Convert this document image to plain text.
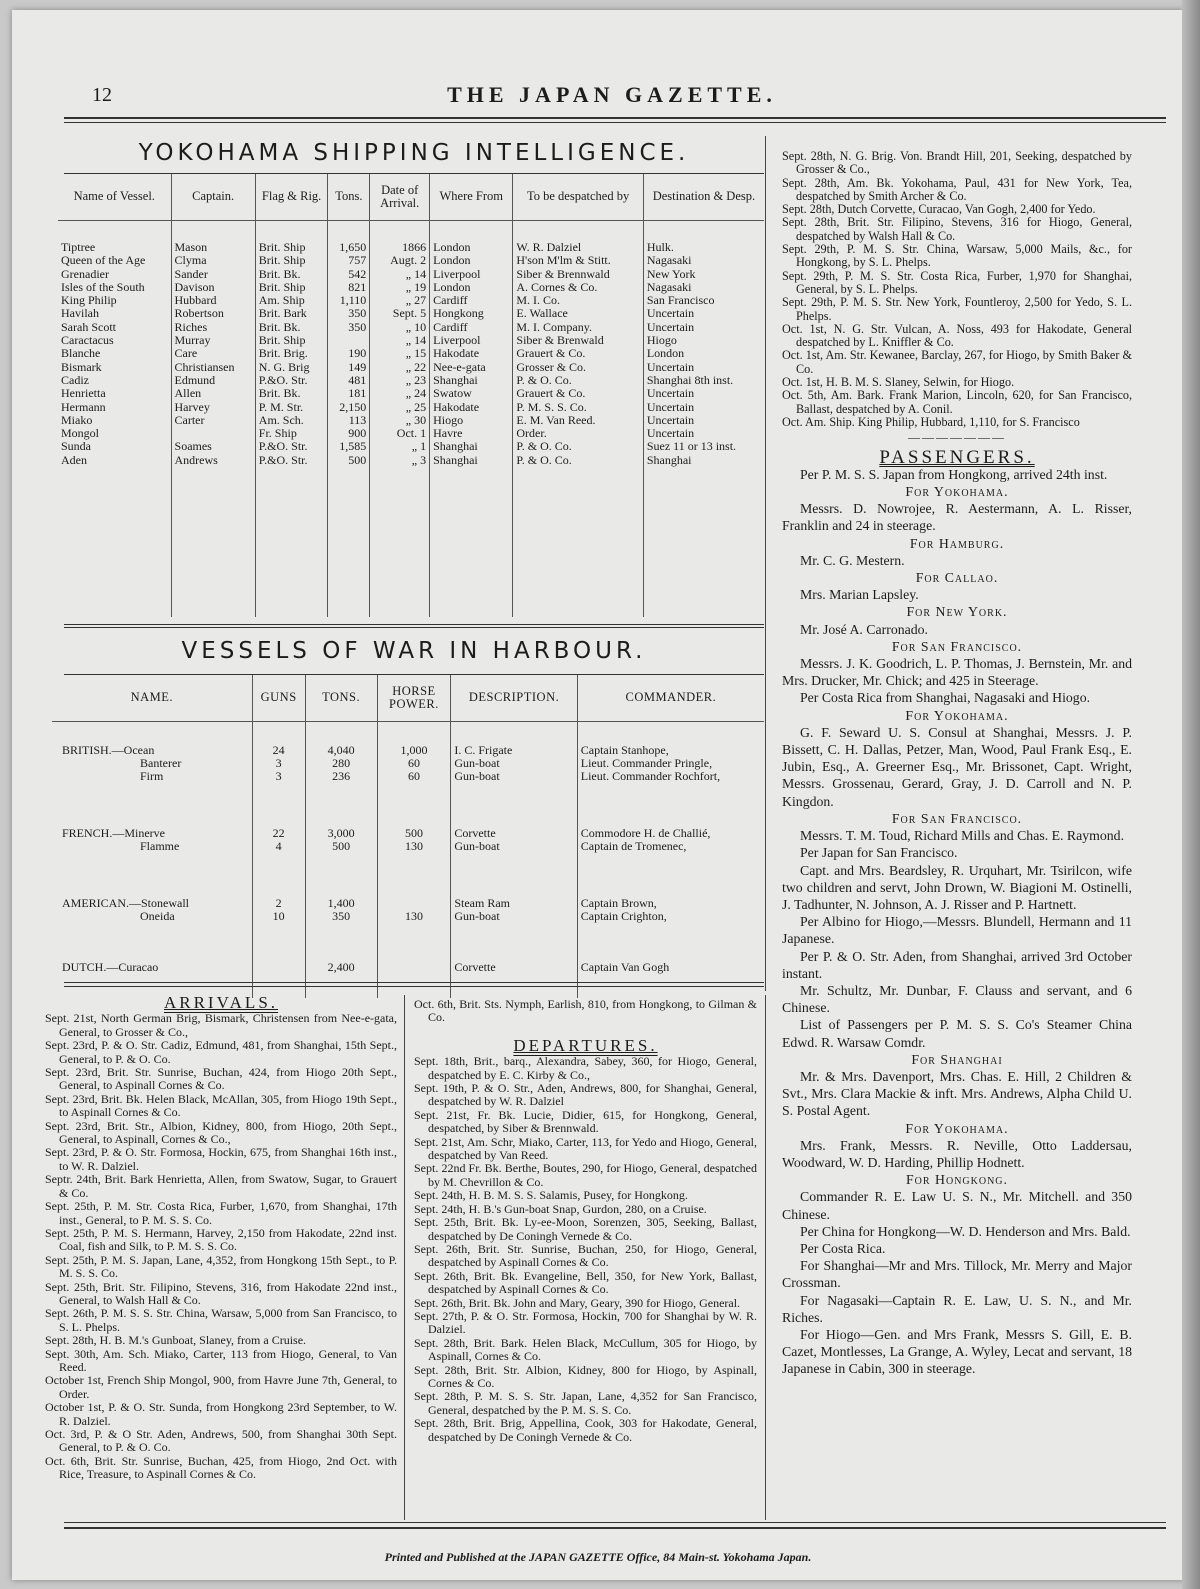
12	THE JAPAN GAZETTE.
YOKOHAMA SHIPPING INTELLIGENCE.
Name of Vessel.	Captain.	Flag & Rig.	Tons.	Date of Arrival.	Where From	To be despatched by	Destination & Desp.

Tiptree	Mason	Brit. Ship	1,650	1866	London	W. R. Dalziel	Hulk.
Queen of the Age	Clyma	Brit. Ship	757	Augt. 2	London	H'son M'lm & Stitt.	Nagasaki
Grenadier	Sander	Brit. Bk.	542	„ 14	Liverpool	Siber & Brennwald	New York
Isles of the South	Davison	Brit. Ship	821	„ 19	London	A. Cornes & Co.	Nagasaki
King Philip	Hubbard	Am. Ship	1,110	„ 27	Cardiff	M. I. Co.	San Francisco
Havilah	Robertson	Brit. Bark	350	Sept. 5	Hongkong	E. Wallace	Uncertain
Sarah Scott	Riches	Brit. Bk.	350	„ 10	Cardiff	M. I. Company.	Uncertain
Caractacus	Murray	Brit. Ship		„ 14	Liverpool	Siber & Brenwald	Hiogo
Blanche	Care	Brit. Brig.	190	„ 15	Hakodate	Grauert & Co.	London
Bismark	Christiansen	N. G. Brig	149	„ 22	Nee-e-gata	Grosser & Co.	Uncertain
Cadiz	Edmund	P.&O. Str.	481	„ 23	Shanghai	P. & O. Co.	Shanghai 8th inst.
Henrietta	Allen	Brit. Bk.	181	„ 24	Swatow	Grauert & Co.	Uncertain
Hermann	Harvey	P. M. Str.	2,150	„ 25	Hakodate	P. M. S. S. Co.	Uncertain
Miako	Carter	Am. Sch.	113	„ 30	Hiogo	E. M. Van Reed.	Uncertain
Mongol		Fr. Ship	900	Oct. 1	Havre	Order.	Uncertain
Sunda	Soames	P.&O. Str.	1,585	„ 1	Shanghai	P. & O. Co.	Suez 11 or 13 inst.
Aden	Andrews	P.&O. Str.	500	„ 3	Shanghai	P. & O. Co.	Shanghai

VESSELS OF WAR IN HARBOUR.
NAME.	GUNS	TONS.	HORSE POWER.	DESCRIPTION.	COMMANDER.

BRITISH.—Ocean	24	4,040	1,000	I. C. Frigate	Captain Stanhope,
Banterer	3	280	60	Gun-boat	Lieut. Commander Pringle,
Firm	3	236	60	Gun-boat	Lieut. Commander Rochfort,

FRENCH.—Minerve	22	3,000	500	Corvette	Commodore H. de Challié,
Flamme	4	500	130	Gun-boat	Captain de Tromenec,

AMERICAN.—Stonewall	2	1,400		Steam Ram	Captain Brown,
Oneida	10	350	130	Gun-boat	Captain Crighton,

DUTCH.—Curacao		2,400		Corvette	Captain Van Gogh

ARRIVALS.

Sept. 21st, North German Brig, Bismark, Christensen from Nee-e-gata, General, to Grosser & Co.,

Sept. 23rd, P. & O. Str. Cadiz, Edmund, 481, from Shanghai, 15th Sept., General, to P. & O. Co.

Sept. 23rd, Brit. Str. Sunrise, Buchan, 424, from Hiogo 20th Sept., General, to Aspinall Cornes & Co.

Sept. 23rd, Brit. Bk. Helen Black, McAllan, 305, from Hiogo 19th Sept., to Aspinall Cornes & Co.

Sept. 23rd, Brit. Str., Albion, Kidney, 800, from Hiogo, 20th Sept., General, to Aspinall, Cornes & Co.,

Sept. 23rd, P. & O. Str. Formosa, Hockin, 675, from Shanghai 16th inst., to W. R. Dalziel.

Septr. 24th, Brit. Bark Henrietta, Allen, from Swatow, Sugar, to Grauert & Co.

Sept. 25th, P. M. Str. Costa Rica, Furber, 1,670, from Shanghai, 17th inst., General, to P. M. S. S. Co.

Sept. 25th, P. M. S. Hermann, Harvey, 2,150 from Hakodate, 22nd inst. Coal, fish and Silk, to P. M. S. S. Co.

Sept. 25th, P. M. S. Japan, Lane, 4,352, from Hongkong 15th Sept., to P. M. S. S. Co.

Sept. 25th, Brit. Str. Filipino, Stevens, 316, from Hakodate 22nd inst., General, to Walsh Hall & Co.

Sept. 26th, P. M. S. S. Str. China, Warsaw, 5,000 from San Francisco, to S. L. Phelps.

Sept. 28th, H. B. M.'s Gunboat, Slaney, from a Cruise.

Sept. 30th, Am. Sch. Miako, Carter, 113 from Hiogo, General, to Van Reed.

October 1st, French Ship Mongol, 900, from Havre June 7th, General, to Order.

October 1st, P. & O. Str. Sunda, from Hongkong 23rd September, to W. R. Dalziel.

Oct. 3rd, P. & O Str. Aden, Andrews, 500, from Shanghai 30th Sept. General, to P. & O. Co.

Oct. 6th, Brit. Str. Sunrise, Buchan, 425, from Hiogo, 2nd Oct. with Rice, Treasure, to Aspinall Cornes & Co.

Oct. 6th, Brit. Sts. Nymph, Earlish, 810, from Hongkong, to Gilman & Co.

DEPARTURES.

Sept. 18th, Brit., barq., Alexandra, Sabey, 360, for Hiogo, General, despatched by E. C. Kirby & Co.,

Sept. 19th, P. & O. Str., Aden, Andrews, 800, for Shanghai, General, despatched by W. R. Dalziel

Sept. 21st, Fr. Bk. Lucie, Didier, 615, for Hongkong, General, despatched, by Siber & Brennwald.

Sept. 21st, Am. Schr, Miako, Carter, 113, for Yedo and Hiogo, General, despatched by Van Reed.

Sept. 22nd Fr. Bk. Berthe, Boutes, 290, for Hiogo, General, despatched by M. Chevrillon & Co.

Sept. 24th, H. B. M. S. S. Salamis, Pusey, for Hongkong.

Sept. 24th, H. B.'s Gun-boat Snap, Gurdon, 280, on a Cruise.

Sept. 25th, Brit. Bk. Ly-ee-Moon, Sorenzen, 305, Seeking, Ballast, despatched by De Coningh Vernede & Co.

Sept. 26th, Brit. Str. Sunrise, Buchan, 250, for Hiogo, General, despatched by Aspinall Cornes & Co.

Sept. 26th, Brit. Bk. Evangeline, Bell, 350, for New York, Ballast, despatched by Aspinall Cornes & Co.

Sept. 26th, Brit. Bk. John and Mary, Geary, 390 for Hiogo, General.

Sept. 27th, P. & O. Str. Formosa, Hockin, 700 for Shanghai by W. R. Dalziel.

Sept. 28th, Brit. Bark. Helen Black, McCullum, 305 for Hiogo, by Aspinall, Cornes & Co.

Sept. 28th, Brit. Str. Albion, Kidney, 800 for Hiogo, by Aspinall, Cornes & Co.

Sept. 28th, P. M. S. S. Str. Japan, Lane, 4,352 for San Francisco, General, despatched by the P. M. S. S. Co.

Sept. 28th, Brit. Brig, Appellina, Cook, 303 for Hakodate, General, despatched by De Coningh Vernede & Co.

Sept. 28th, N. G. Brig. Von. Brandt Hill, 201, Seeking, despatched by Grosser & Co.,

Sept. 28th, Am. Bk. Yokohama, Paul, 431 for New York, Tea, despatched by Smith Archer & Co.

Sept. 28th, Dutch Corvette, Curacao, Van Gogh, 2,400 for Yedo.

Sept. 28th, Brit. Str. Filipino, Stevens, 316 for Hiogo, General, despatched by Walsh Hall & Co.

Sept. 29th, P. M. S. Str. China, Warsaw, 5,000 Mails, &c., for Hongkong, by S. L. Phelps.

Sept. 29th, P. M. S. Str. Costa Rica, Furber, 1,970 for Shanghai, General, by S. L. Phelps.

Sept. 29th, P. M. S. Str. New York, Fountleroy, 2,500 for Yedo, S. L. Phelps.

Oct. 1st, N. G. Str. Vulcan, A. Noss, 493 for Hakodate, General despatched by L. Kniffler & Co.

Oct. 1st, Am. Str. Kewanee, Barclay, 267, for Hiogo, by Smith Baker & Co.

Oct. 1st, H. B. M. S. Slaney, Selwin, for Hiogo.

Oct. 5th, Am. Bark. Frank Marion, Lincoln, 620, for San Francisco, Ballast, despatched by A. Conil.

Oct. Am. Ship. King Philip, Hubbard, 1,110, for S. Francisco

———————
PASSENGERS.

Per P. M. S. S. Japan from Hongkong, arrived 24th inst.

For Yokohama.

Messrs. D. Nowrojee, R. Aestermann, A. L. Risser, Franklin and 24 in steerage.

For Hamburg.

Mr. C. G. Mestern.

For Callao.

Mrs. Marian Lapsley.

For New York.

Mr. José A. Carronado.

For San Francisco.

Messrs. J. K. Goodrich, L. P. Thomas, J. Bernstein, Mr. and Mrs. Drucker, Mr. Chick; and 425 in Steerage.

Per Costa Rica from Shanghai, Nagasaki and Hiogo.

For Yokohama.

G. F. Seward U. S. Consul at Shanghai, Messrs. J. P. Bissett, C. H. Dallas, Petzer, Man, Wood, Paul Frank Esq., E. Jubin, Esq., A. Greerner Esq., Mr. Brissonet, Capt. Wright, Messrs. Grossenau, Gerard, Gray, J. D. Carroll and N. P. Kingdon.

For San Francisco.

Messrs. T. M. Toud, Richard Mills and Chas. E. Raymond.

Per Japan for San Francisco.

Capt. and Mrs. Beardsley, R. Urquhart, Mr. Tsirilcon, wife two children and servt, John Drown, W. Biagioni M. Ostinelli, J. Tadhunter, N. Johnson, A. J. Risser and P. Hartnett.

Per Albino for Hiogo,—Messrs. Blundell, Hermann and 11 Japanese.

Per P. & O. Str. Aden, from Shanghai, arrived 3rd October instant.

Mr. Schultz, Mr. Dunbar, F. Clauss and servant, and 6 Chinese.

List of Passengers per P. M. S. S. Co's Steamer China Edwd. R. Warsaw Comdr.

For Shanghai

Mr. & Mrs. Davenport, Mrs. Chas. E. Hill, 2 Children & Svt., Mrs. Clara Mackie & inft. Mrs. Andrews, Alpha Child U. S. Postal Agent.

For Yokohama.

Mrs. Frank, Messrs. R. Neville, Otto Laddersau, Woodward, W. D. Harding, Phillip Hodnett.

For Hongkong.

Commander R. E. Law U. S. N., Mr. Mitchell. and 350 Chinese.

Per China for Hongkong—W. D. Henderson and Mrs. Bald.

Per Costa Rica.

For Shanghai—Mr and Mrs. Tillock, Mr. Merry and Major Crossman.

For Nagasaki—Captain R. E. Law, U. S. N., and Mr. Riches.

For Hiogo—Gen. and Mrs Frank, Messrs S. Gill, E. B. Cazet, Montlesses, La Grange, A. Wyley, Lecat and servant, 18 Japanese in Cabin, 300 in steerage.

Printed and Published at the JAPAN GAZETTE Office, 84 Main-st. Yokohama Japan.
